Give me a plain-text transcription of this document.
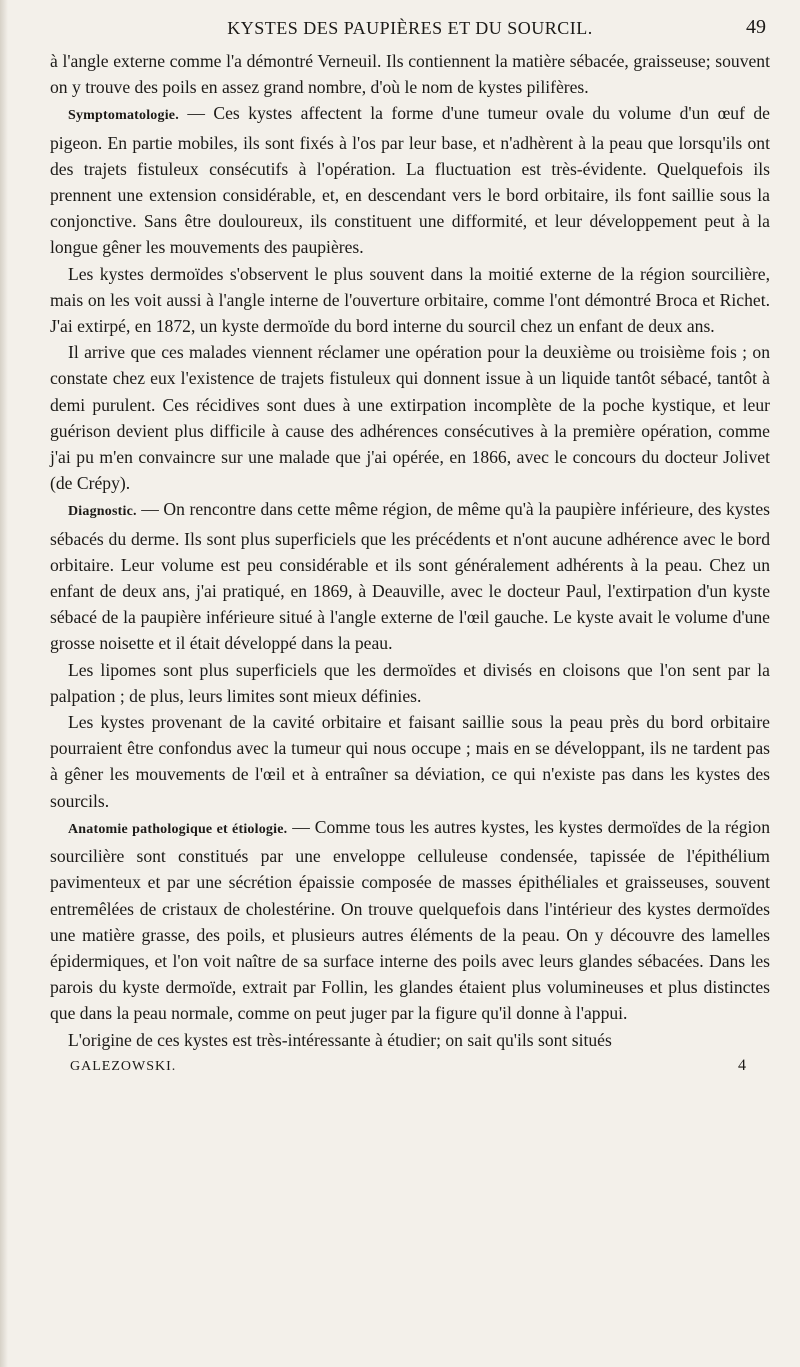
KYSTES DES PAUPIÈRES ET DU SOURCIL.	49

à l'angle externe comme l'a démontré Verneuil. Ils contiennent la matière sébacée, graisseuse; souvent on y trouve des poils en assez grand nombre, d'où le nom de kystes pilifères.

Symptomatologie. — Ces kystes affectent la forme d'une tumeur ovale du volume d'un œuf de pigeon. En partie mobiles, ils sont fixés à l'os par leur base, et n'adhèrent à la peau que lorsqu'ils ont des trajets fistuleux consécutifs à l'opération. La fluctuation est très-évidente. Quelquefois ils prennent une extension considérable, et, en descendant vers le bord orbitaire, ils font saillie sous la conjonctive. Sans être douloureux, ils constituent une difformité, et leur développement peut à la longue gêner les mouvements des paupières.

Les kystes dermoïdes s'observent le plus souvent dans la moitié externe de la région sourcilière, mais on les voit aussi à l'angle interne de l'ouverture orbitaire, comme l'ont démontré Broca et Richet. J'ai extirpé, en 1872, un kyste dermoïde du bord interne du sourcil chez un enfant de deux ans.

Il arrive que ces malades viennent réclamer une opération pour la deuxième ou troisième fois ; on constate chez eux l'existence de trajets fistuleux qui donnent issue à un liquide tantôt sébacé, tantôt à demi purulent. Ces récidives sont dues à une extirpation incomplète de la poche kystique, et leur guérison devient plus difficile à cause des adhérences consécutives à la première opération, comme j'ai pu m'en convaincre sur une malade que j'ai opérée, en 1866, avec le concours du docteur Jolivet (de Crépy).

Diagnostic. — On rencontre dans cette même région, de même qu'à la paupière inférieure, des kystes sébacés du derme. Ils sont plus superficiels que les précédents et n'ont aucune adhérence avec le bord orbitaire. Leur volume est peu considérable et ils sont généralement adhérents à la peau. Chez un enfant de deux ans, j'ai pratiqué, en 1869, à Deauville, avec le docteur Paul, l'extirpation d'un kyste sébacé de la paupière inférieure situé à l'angle externe de l'œil gauche. Le kyste avait le volume d'une grosse noisette et il était développé dans la peau.

Les lipomes sont plus superficiels que les dermoïdes et divisés en cloisons que l'on sent par la palpation ; de plus, leurs limites sont mieux définies.

Les kystes provenant de la cavité orbitaire et faisant saillie sous la peau près du bord orbitaire pourraient être confondus avec la tumeur qui nous occupe ; mais en se développant, ils ne tardent pas à gêner les mouvements de l'œil et à entraîner sa déviation, ce qui n'existe pas dans les kystes des sourcils.

Anatomie pathologique et étiologie. — Comme tous les autres kystes, les kystes dermoïdes de la région sourcilière sont constitués par une enveloppe celluleuse condensée, tapissée de l'épithélium pavimenteux et par une sécrétion épaissie composée de masses épithéliales et graisseuses, souvent entremêlées de cristaux de cholestérine. On trouve quelquefois dans l'intérieur des kystes dermoïdes une matière grasse, des poils, et plusieurs autres éléments de la peau. On y découvre des lamelles épidermiques, et l'on voit naître de sa surface interne des poils avec leurs glandes sébacées. Dans les parois du kyste dermoïde, extrait par Follin, les glandes étaient plus volumineuses et plus distinctes que dans la peau normale, comme on peut juger par la figure qu'il donne à l'appui.

L'origine de ces kystes est très-intéressante à étudier; on sait qu'ils sont situés

GALEZOWSKI.	4
